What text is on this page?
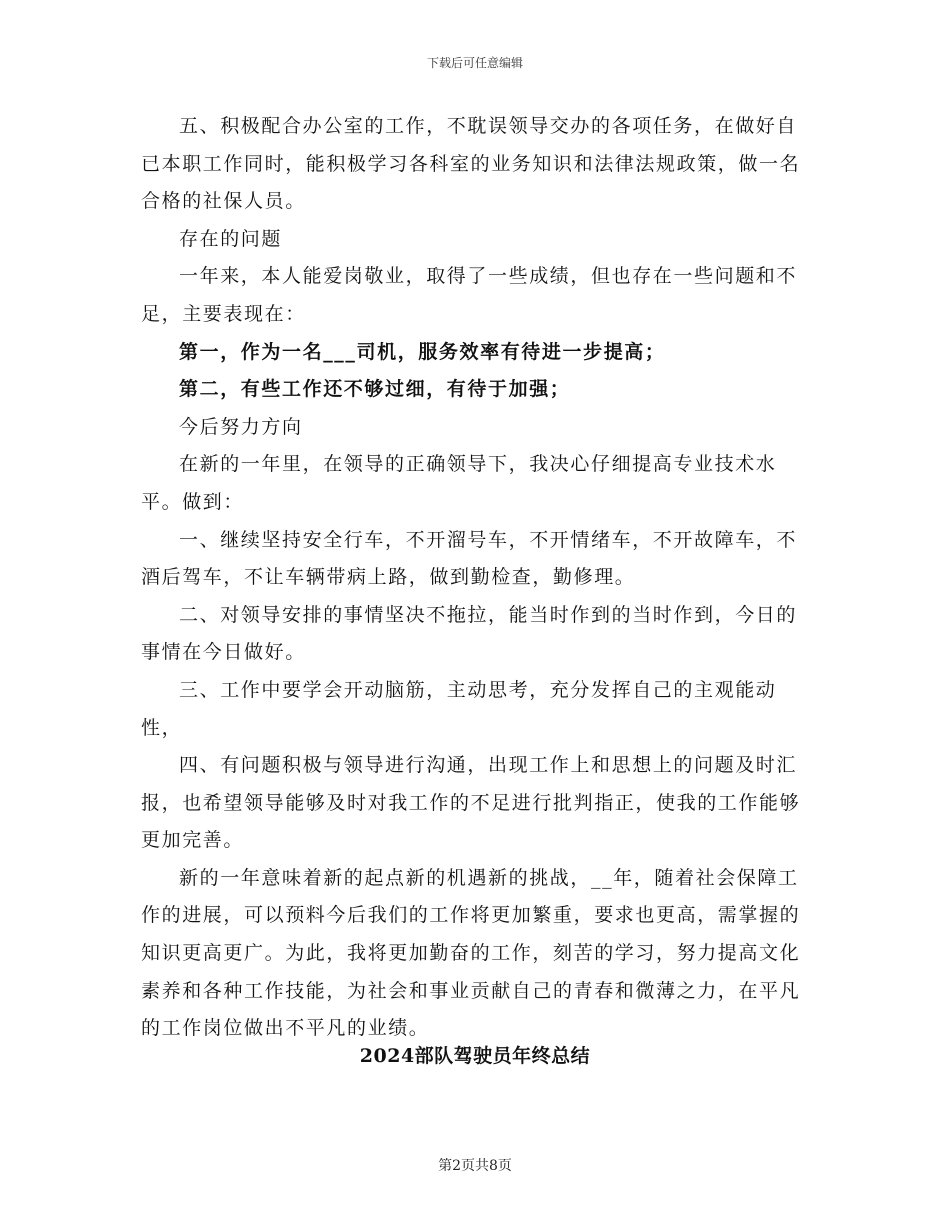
下载后可任意编辑

五、积极配合办公室的工作，不耽误领导交办的各项任务，在做好自已本职工作同时，能积极学习各科室的业务知识和法律法规政策，做一名合格的社保人员。

存在的问题

一年来，本人能爱岗敬业，取得了一些成绩，但也存在一些问题和不足，主要表现在：

第一，作为一名___司机，服务效率有待进一步提高；

第二，有些工作还不够过细，有待于加强；

今后努力方向

在新的一年里，在领导的正确领导下，我决心仔细提高专业技术水平。做到：

一、继续坚持安全行车，不开溜号车，不开情绪车，不开故障车，不酒后驾车，不让车辆带病上路，做到勤检查，勤修理。

二、对领导安排的事情坚决不拖拉，能当时作到的当时作到，今日的事情在今日做好。

三、工作中要学会开动脑筋，主动思考，充分发挥自己的主观能动性，

四、有问题积极与领导进行沟通，出现工作上和思想上的问题及时汇报，也希望领导能够及时对我工作的不足进行批判指正，使我的工作能够更加完善。

新的一年意味着新的起点新的机遇新的挑战，__年，随着社会保障工作的进展，可以预料今后我们的工作将更加繁重，要求也更高，需掌握的知识更高更广。为此，我将更加勤奋的工作，刻苦的学习，努力提高文化素养和各种工作技能，为社会和事业贡献自己的青春和微薄之力，在平凡的工作岗位做出不平凡的业绩。

2024部队驾驶员年终总结
第2页共8页
